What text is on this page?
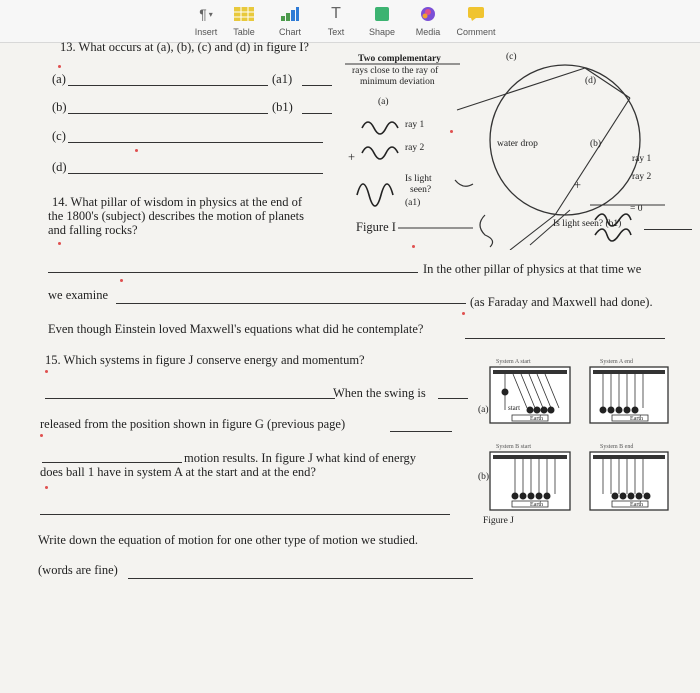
¶ ▾
Insert	Table	Chart
T
Text	Shape	Media	Comment
13. What occurs at (a), (b), (c) and (d) in figure I?
(a)	(a1)
(b)	(b1)
(c)
(d)
Two complementary
rays close to the ray of
minimum deviation
(a)
ray 1
ray 2
+
Is light
seen?
(a1)
Figure I
(c)
(d)
water drop	(b)
ray 1
ray 2
+
= 0
Is light seen? (b1)
14. What pillar of wisdom in physics at the end of
the 1800's (subject) describes the motion of planets
and falling rocks?
In the other pillar of physics at that time we
we examine	(as Faraday and Maxwell had done).
Even though Einstein loved Maxwell's equations what did he contemplate?
15. Which systems in figure J conserve energy and momentum?
When the swing is
released from the position shown in figure G (previous page)
motion results. In figure J what kind of energy
does ball 1 have in system A at the start and at the end?
Write down the equation of motion for one other type of motion we studied.
(words are fine)
System A start	System A end
System B start	System B end
(a)
(b)
start
Earth	Earth
Earth	Earth
Figure J
